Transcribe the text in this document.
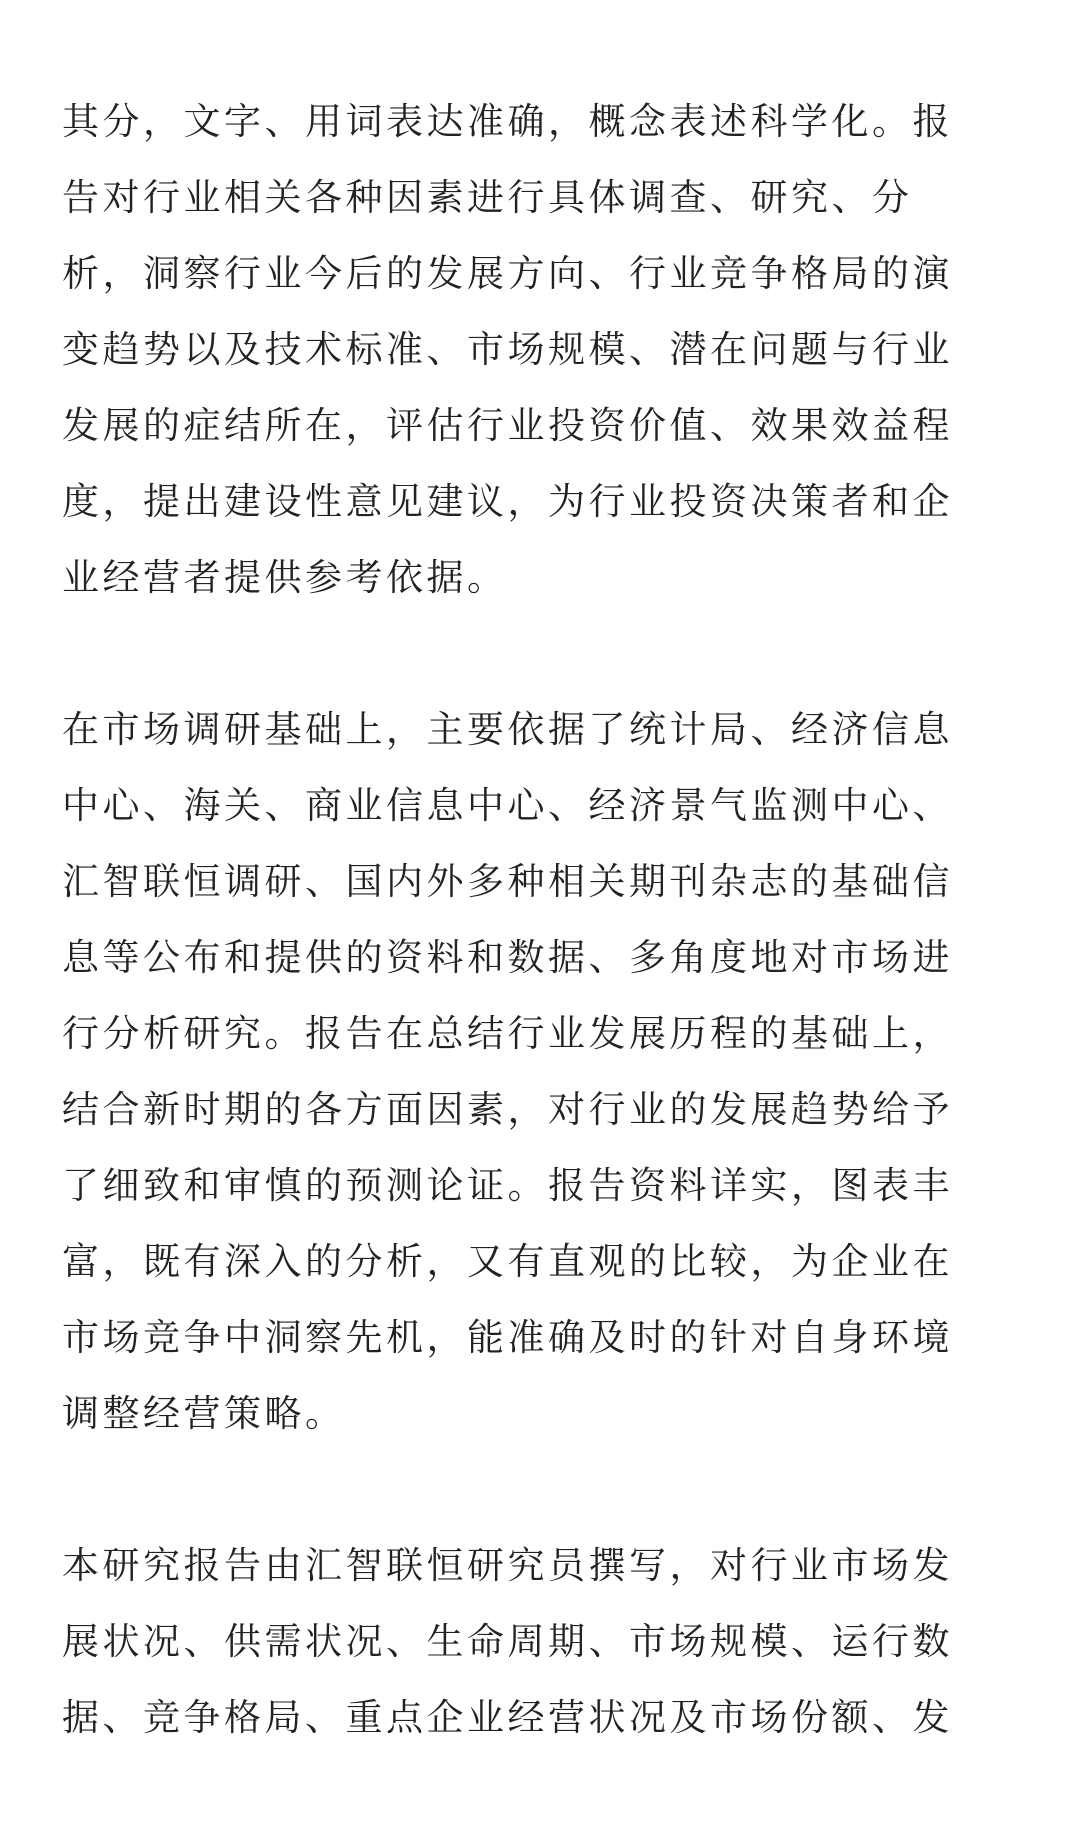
其分，文字、用词表达准确，概念表述科学化。报
告对行业相关各种因素进行具体调查、研究、分
析，洞察行业今后的发展方向、行业竞争格局的演
变趋势以及技术标准、市场规模、潜在问题与行业
发展的症结所在，评估行业投资价值、效果效益程
度，提出建设性意见建议，为行业投资决策者和企
业经营者提供参考依据。
在市场调研基础上，主要依据了统计局、经济信息
中心、海关、商业信息中心、经济景气监测中心、
汇智联恒调研、国内外多种相关期刊杂志的基础信
息等公布和提供的资料和数据、多角度地对市场进
行分析研究。报告在总结行业发展历程的基础上，
结合新时期的各方面因素，对行业的发展趋势给予
了细致和审慎的预测论证。报告资料详实，图表丰
富，既有深入的分析，又有直观的比较，为企业在
市场竞争中洞察先机，能准确及时的针对自身环境
调整经营策略。
本研究报告由汇智联恒研究员撰写，对行业市场发
展状况、供需状况、生命周期、市场规模、运行数
据、竞争格局、重点企业经营状况及市场份额、发
